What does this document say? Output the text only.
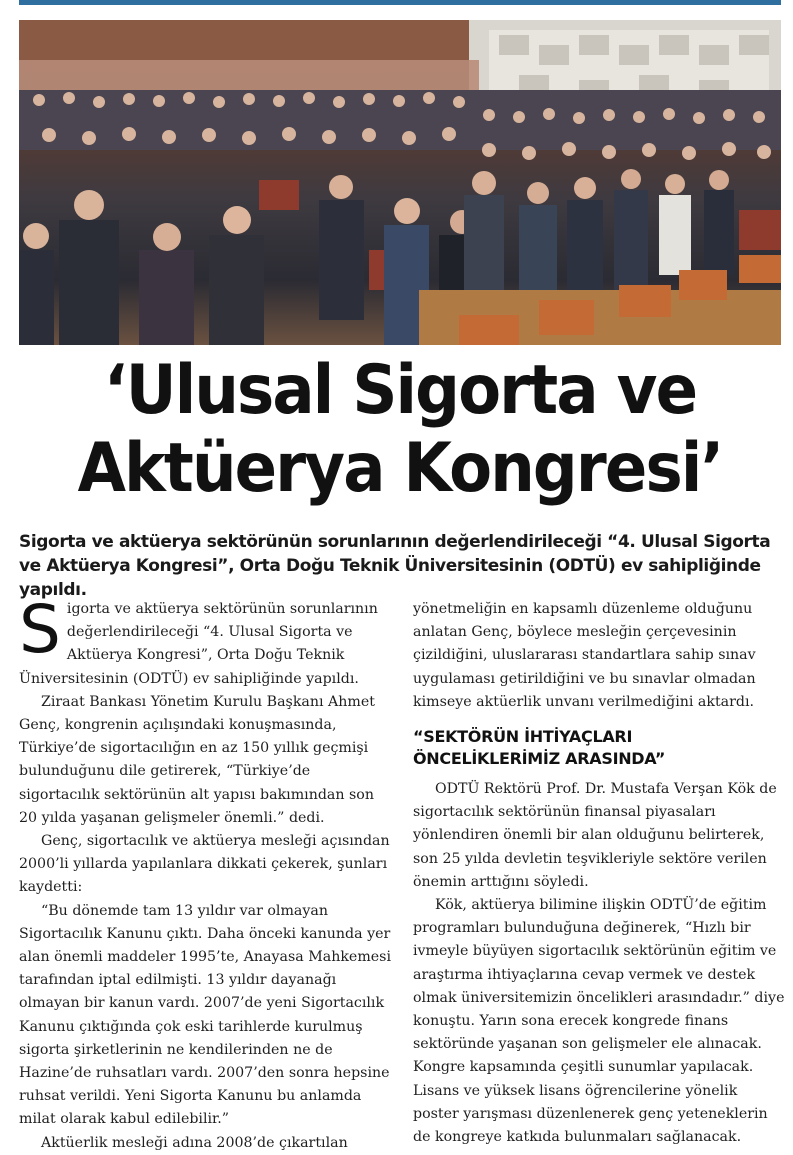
‘Ulusal Sigorta ve
Aktüerya Kongresi’
Sigorta ve aktüerya sektörünün sorunlarının değerlendirileceği “4. Ulusal Sigorta ve Aktüerya Kongresi”, Orta Doğu Teknik Üniversitesinin (ODTÜ) ev sahipliğinde yapıldı.

Sigorta ve aktüerya sektörünün sorunlarının değerlendirileceği “4. Ulusal Sigorta ve Aktüerya Kongresi”, Orta Doğu Teknik Üniversitesinin (ODTÜ) ev sahipliğinde yapıldı.

Ziraat Bankası Yönetim Kurulu Başkanı Ahmet Genç, kongrenin açılışındaki konuşmasında, Türkiye’de sigortacılığın en az 150 yıllık geçmişi bulunduğunu dile getirerek, “Türkiye’de sigortacılık sektörünün alt yapısı bakımından son 20 yılda yaşanan gelişmeler önemli.” dedi.

Genç, sigortacılık ve aktüerya mesleği açısından 2000’li yıllarda yapılanlara dikkati çekerek, şunları kaydetti:

“Bu dönemde tam 13 yıldır var olmayan Sigortacılık Kanunu çıktı. Daha önceki kanunda yer alan önemli maddeler 1995’te, Anayasa Mahkemesi tarafından iptal edilmişti. 13 yıldır dayanağı olmayan bir kanun vardı. 2007’de yeni Sigortacılık Kanunu çıktığında çok eski tarihlerde kurulmuş sigorta şirketlerinin ne kendilerinden ne de Hazine’de ruhsatları vardı. 2007’den sonra hepsine ruhsat verildi. Yeni Sigorta Kanunu bu anlamda milat olarak kabul edilebilir.”

Aktüerlik mesleği adına 2008’de çıkartılan

yönetmeliğin en kapsamlı düzenleme olduğunu anlatan Genç, böylece mesleğin çerçevesinin çizildiğini, uluslararası standartlara sahip sınav uygulaması getirildiğini ve bu sınavlar olmadan kimseye aktüerlik unvanı verilmediğini aktardı.

“SEKTÖRÜN İHTİYAÇLARI
ÖNCELİKLERİMİZ ARASINDA”

ODTÜ Rektörü Prof. Dr. Mustafa Verşan Kök de sigortacılık sektörünün finansal piyasaları yönlendiren önemli bir alan olduğunu belirterek, son 25 yılda devletin teşvikleriyle sektöre verilen önemin arttığını söyledi.

Kök, aktüerya bilimine ilişkin ODTÜ’de eğitim programları bulunduğuna değinerek, “Hızlı bir ivmeyle büyüyen sigortacılık sektörünün eğitim ve araştırma ihtiyaçlarına cevap vermek ve destek olmak üniversitemizin öncelikleri arasındadır.” diye konuştu. Yarın sona erecek kongrede finans sektöründe yaşanan son gelişmeler ele alınacak. Kongre kapsamında çeşitli sunumlar yapılacak. Lisans ve yüksek lisans öğrencilerine yönelik poster yarışması düzenlenerek genç yeteneklerin de kongreye katkıda bulunmaları sağlanacak.
